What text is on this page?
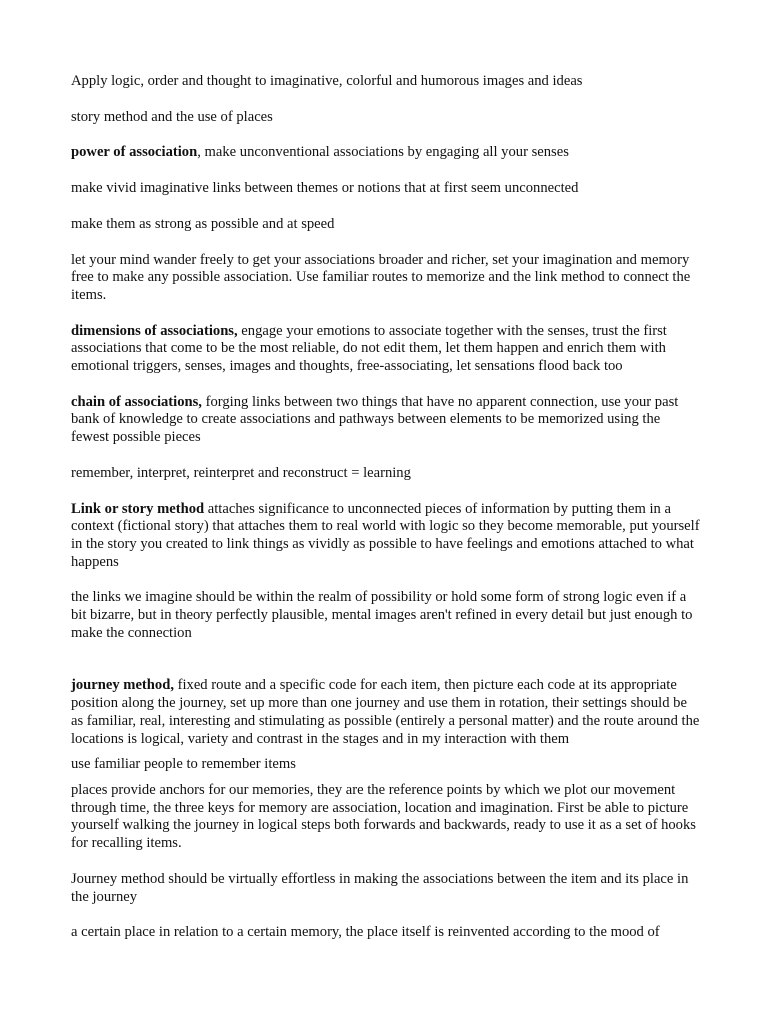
Apply logic, order and thought to imaginative, colorful and humorous images and ideas

story method and the use of places

power of association, make unconventional associations by engaging all your senses

make vivid imaginative links between themes or notions that at first seem unconnected

make them as strong as possible and at speed

let your mind wander freely to get your associations broader and richer, set your imagination and memory free to make any possible association. Use familiar routes to memorize and the link method to connect the items.

dimensions of associations, engage your emotions to associate together with the senses, trust the first associations that come to be the most reliable, do not edit them, let them happen and enrich them with emotional triggers, senses, images and thoughts, free-associating, let sensations flood back too

chain of associations, forging links between two things that have no apparent connection, use your past bank of knowledge to create associations and pathways between elements to be memorized using the fewest possible pieces

remember, interpret, reinterpret and reconstruct = learning

Link or story method attaches significance to unconnected pieces of information by putting them in a context (fictional story) that attaches them to real world with logic so they become memorable, put yourself in the story you created to link things as vividly as possible to have feelings and emotions attached to what happens

the links we imagine should be within the realm of possibility or hold some form of strong logic even if a bit bizarre, but in theory perfectly plausible, mental images aren't refined in every detail but just enough to make the connection

journey method, fixed route and a specific code for each item, then picture each code at its appropriate position along the journey, set up more than one journey and use them in rotation, their settings should be as familiar, real, interesting and stimulating as possible (entirely a personal matter) and the route around the locations is logical, variety and contrast in the stages and in my interaction with them

use familiar people to remember items

places provide anchors for our memories, they are the reference points by which we plot our movement through time, the three keys for memory are association, location and imagination. First be able to picture yourself walking the journey in logical steps both forwards and backwards, ready to use it as a set of hooks for recalling items.

Journey method should be virtually effortless in making the associations between the item and its place in the journey

a certain place in relation to a certain memory, the place itself is reinvented according to the mood of
